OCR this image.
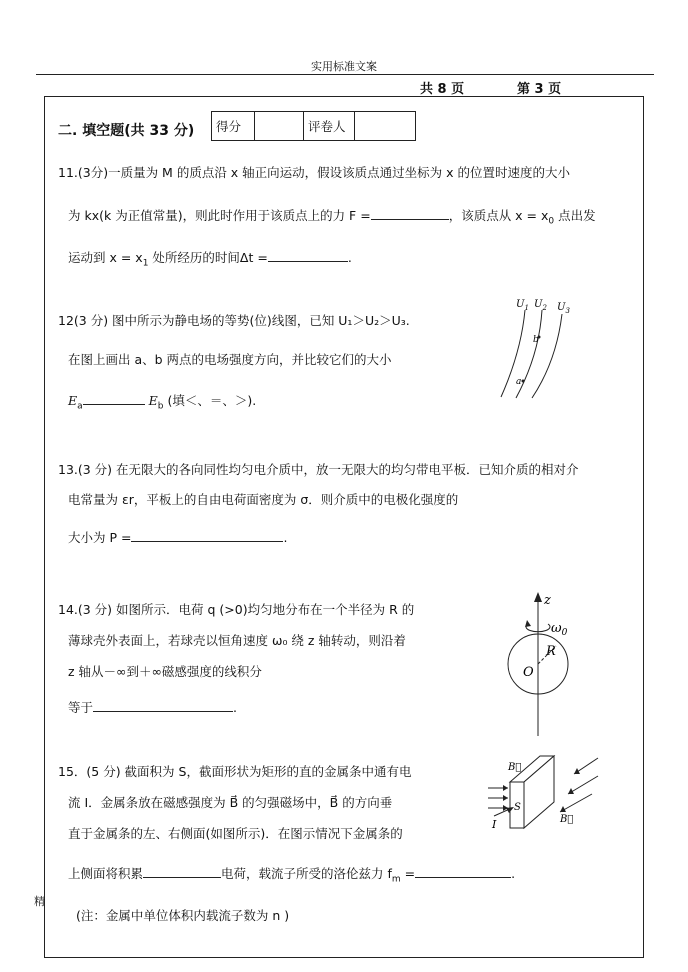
实用标准文案
共 8 页	第 3 页
二. 填空题(共 33 分) 得分		评卷人	
11.(3分)一质量为 M 的质点沿 x 轴正向运动，假设该质点通过坐标为 x 的位置时速度的大小
为 kx(k 为正值常量)，则此时作用于该质点上的力 F =	，该质点从 $x = x_0$ 点出发
运动到 $x = x_1$ 处所经历的时间Δt =	.
12(3 分) 图中所示为静电场的等势(位)线图，已知 U₁＞U₂＞U₃.
在图上画出 a、b 两点的电场强度方向，并比较它们的大小
$E_a$	$E_b$ (填＜、＝、＞).
$U_1$ $U_2$ $U_3$
b
a
13.(3 分) 在无限大的各向同性均匀电介质中，放一无限大的均匀带电平板．已知介质的相对介
电常量为 εr，平板上的自由电荷面密度为 σ．则介质中的电极化强度的
大小为 P =	.
14.(3 分) 如图所示．电荷 q (>0)均匀地分布在一个半径为 R 的
薄球壳外表面上，若球壳以恒角速度 ω₀ 绕 z 轴转动，则沿着
z 轴从－∞到＋∞磁感强度的线积分
等于	.
z
$\omega_0$
R
O
15．(5 分) 截面积为 S，截面形状为矩形的直的金属条中通有电
流 I．金属条放在磁感强度为 B⃗ 的匀强磁场中，B⃗ 的方向垂
直于金属条的左、右侧面(如图所示)．在图示情况下金属条的
上侧面将积累	电荷，载流子所受的洛伦兹力 $f_m$ =	.
(注：金属中单位体积内载流子数为 n )
S
B⃗
B⃗
I
精
